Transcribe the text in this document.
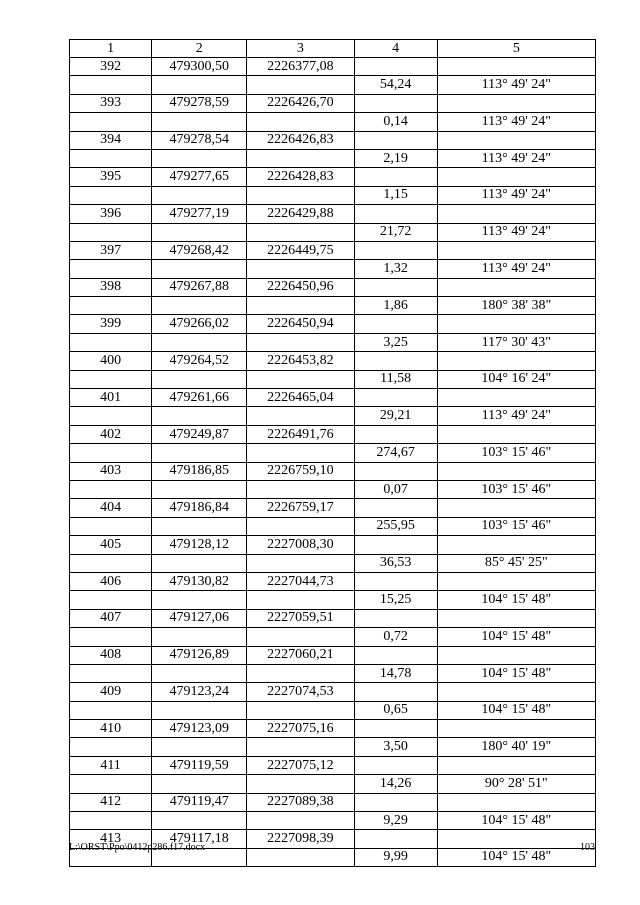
1	2	3	4	5
392	479300,50	2226377,08		
			54,24	113° 49' 24"
393	479278,59	2226426,70		
			0,14	113° 49' 24"
394	479278,54	2226426,83		
			2,19	113° 49' 24"
395	479277,65	2226428,83		
			1,15	113° 49' 24"
396	479277,19	2226429,88		
			21,72	113° 49' 24"
397	479268,42	2226449,75		
			1,32	113° 49' 24"
398	479267,88	2226450,96		
			1,86	180° 38' 38"
399	479266,02	2226450,94		
			3,25	117° 30' 43"
400	479264,52	2226453,82		
			11,58	104° 16' 24"
401	479261,66	2226465,04		
			29,21	113° 49' 24"
402	479249,87	2226491,76		
			274,67	103° 15' 46"
403	479186,85	2226759,10		
			0,07	103° 15' 46"
404	479186,84	2226759,17		
			255,95	103° 15' 46"
405	479128,12	2227008,30		
			36,53	85° 45' 25"
406	479130,82	2227044,73		
			15,25	104° 15' 48"
407	479127,06	2227059,51		
			0,72	104° 15' 48"
408	479126,89	2227060,21		
			14,78	104° 15' 48"
409	479123,24	2227074,53		
			0,65	104° 15' 48"
410	479123,09	2227075,16		
			3,50	180° 40' 19"
411	479119,59	2227075,12		
			14,26	90° 28' 51"
412	479119,47	2227089,38		
			9,29	104° 15' 48"
413	479117,18	2227098,39		
			9,99	104° 15' 48"
L:\ORST\Ppo\0412p286.f17.docx	103
